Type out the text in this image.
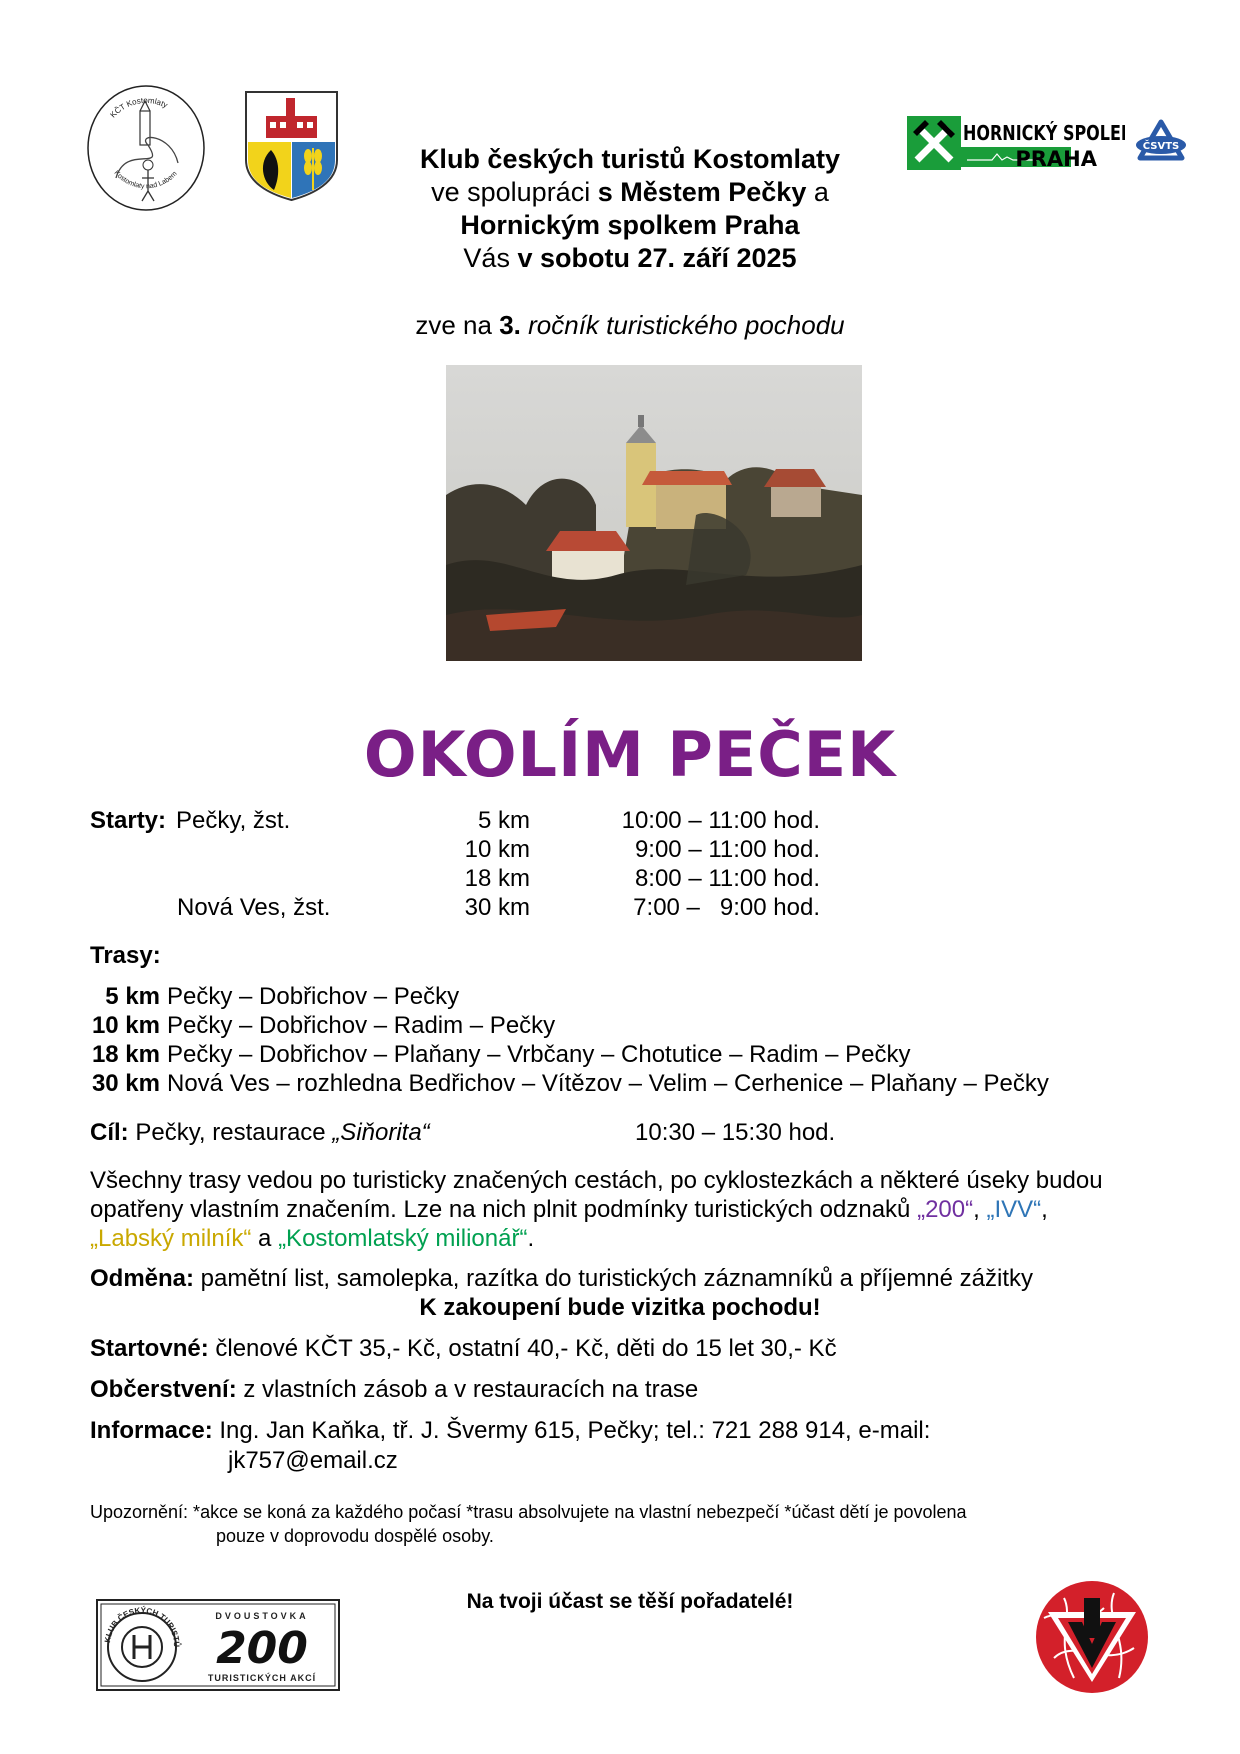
KČT Kostomlaty
Kostomlaty nad Labem
HORNICKÝ SPOLEK
PRAHA
ČSVTS
Klub českých turistů Kostomlaty
ve spolupráci s Městem Pečky a
Hornickým spolkem Praha
Vás v sobotu 27. září 2025
zve na 3. ročník turistického pochodu
OKOLÍM PEČEK
Starty: Pečky, žst.	5 km	10:00 – 11:00 hod.
10 km	9:00 – 11:00 hod.
18 km	8:00 – 11:00 hod.
Nová Ves, žst.	30 km	7:00 –   9:00 hod.
Trasy:
5 km Pečky – Dobřichov – Pečky
10 km Pečky – Dobřichov – Radim – Pečky
18 km Pečky – Dobřichov – Plaňany – Vrbčany – Chotutice – Radim – Pečky
30 km Nová Ves – rozhledna Bedřichov – Vítězov – Velim – Cerhenice – Plaňany – Pečky
Cíl: Pečky, restaurace „Siňorita“	10:30 – 15:30 hod.
Všechny trasy vedou po turisticky značených cestách, po cyklostezkách a některé úseky budou
opatřeny vlastním značením. Lze na nich plnit podmínky turistických odznaků „200“, „IVV“,
„Labský milník“ a „Kostomlatský milionář“.
Odměna: pamětní list, samolepka, razítka do turistických záznamníků a příjemné zážitky
K zakoupení bude vizitka pochodu!
Startovné: členové KČT 35,- Kč, ostatní 40,- Kč, děti do 15 let 30,- Kč
Občerstvení: z vlastních zásob a v restauracích na trase
Informace: Ing. Jan Kaňka, tř. J. Švermy 615, Pečky; tel.: 721 288 914, e-mail:
jk757@email.cz
Upozornění: *akce se koná za každého počasí *trasu absolvujete na vlastní nebezpečí *účast dětí je povolena
pouze v doprovodu dospělé osoby.
Na tvoji účast se těší pořadatelé!
KLUB ČESKÝCH TURISTŮ
DVOUSTOVKA
200
TURISTICKÝCH AKCÍ
